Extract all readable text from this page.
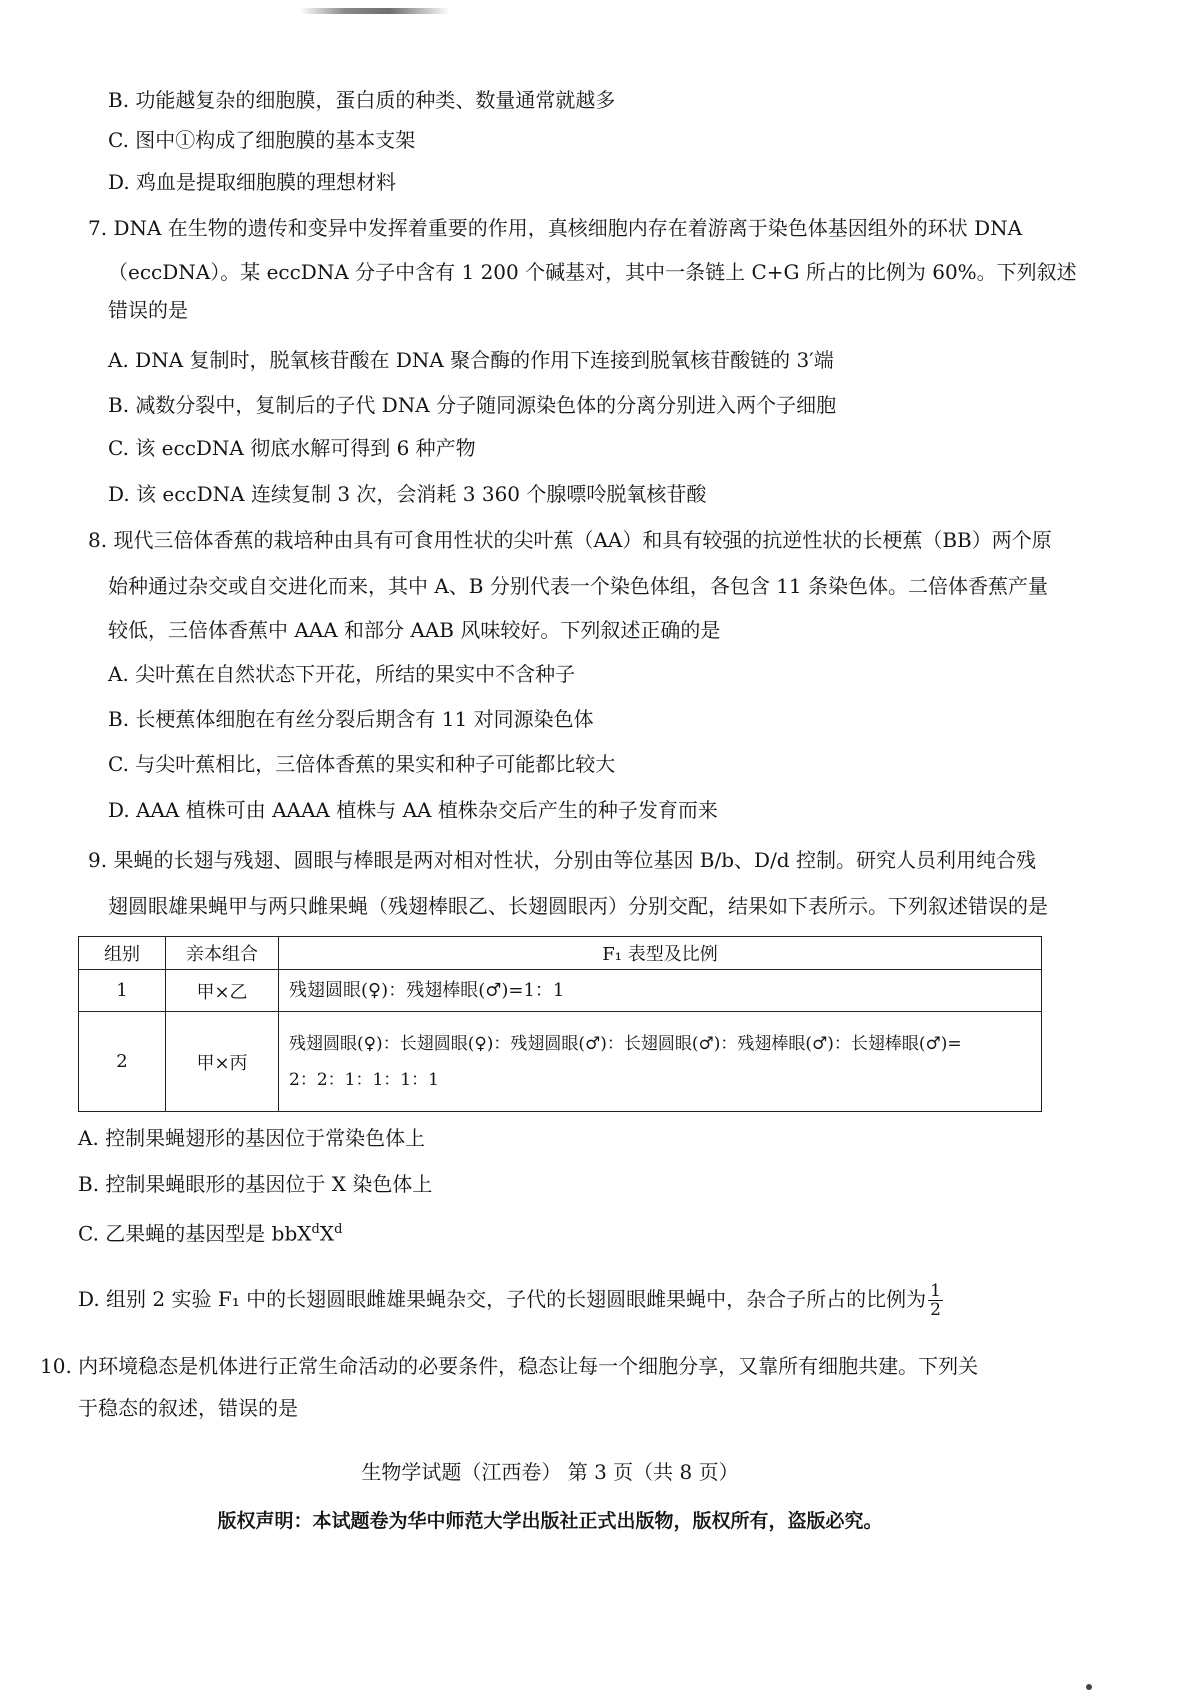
B. 功能越复杂的细胞膜，蛋白质的种类、数量通常就越多
C. 图中①构成了细胞膜的基本支架
D. 鸡血是提取细胞膜的理想材料
7. DNA 在生物的遗传和变异中发挥着重要的作用，真核细胞内存在着游离于染色体基因组外的环状 DNA
（eccDNA）。某 eccDNA 分子中含有 1 200 个碱基对，其中一条链上 C+G 所占的比例为 60%。下列叙述
错误的是
A. DNA 复制时，脱氧核苷酸在 DNA 聚合酶的作用下连接到脱氧核苷酸链的 3′端
B. 减数分裂中，复制后的子代 DNA 分子随同源染色体的分离分别进入两个子细胞
C. 该 eccDNA 彻底水解可得到 6 种产物
D. 该 eccDNA 连续复制 3 次，会消耗 3 360 个腺嘌呤脱氧核苷酸
8. 现代三倍体香蕉的栽培种由具有可食用性状的尖叶蕉（AA）和具有较强的抗逆性状的长梗蕉（BB）两个原
始种通过杂交或自交进化而来，其中 A、B 分别代表一个染色体组，各包含 11 条染色体。二倍体香蕉产量
较低，三倍体香蕉中 AAA 和部分 AAB 风味较好。下列叙述正确的是
A. 尖叶蕉在自然状态下开花，所结的果实中不含种子
B. 长梗蕉体细胞在有丝分裂后期含有 11 对同源染色体
C. 与尖叶蕉相比，三倍体香蕉的果实和种子可能都比较大
D. AAA 植株可由 AAAA 植株与 AA 植株杂交后产生的种子发育而来
9. 果蝇的长翅与残翅、圆眼与棒眼是两对相对性状，分别由等位基因 B/b、D/d 控制。研究人员利用纯合残
翅圆眼雄果蝇甲与两只雌果蝇（残翅棒眼乙、长翅圆眼丙）分别交配，结果如下表所示。下列叙述错误的是
组别	亲本组合	F₁ 表型及比例
1	甲×乙	残翅圆眼(♀)：残翅棒眼(♂)=1：1
2	甲×丙	残翅圆眼(♀)：长翅圆眼(♀)：残翅圆眼(♂)：长翅圆眼(♂)：残翅棒眼(♂)：长翅棒眼(♂)=
2：2：1：1：1：1
A. 控制果蝇翅形的基因位于常染色体上
B. 控制果蝇眼形的基因位于 X 染色体上
C. 乙果蝇的基因型是 $bbX^dX^d$
D. 组别 2 实验 F₁ 中的长翅圆眼雌雄果蝇杂交，子代的长翅圆眼雌果蝇中，杂合子所占的比例为 $\frac{1}{2}$
10. 内环境稳态是机体进行正常生命活动的必要条件，稳态让每一个细胞分享，又靠所有细胞共建。下列关
于稳态的叙述，错误的是
生物学试题（江西卷） 第 3 页（共 8 页）
版权声明：本试题卷为华中师范大学出版社正式出版物，版权所有，盗版必究。
